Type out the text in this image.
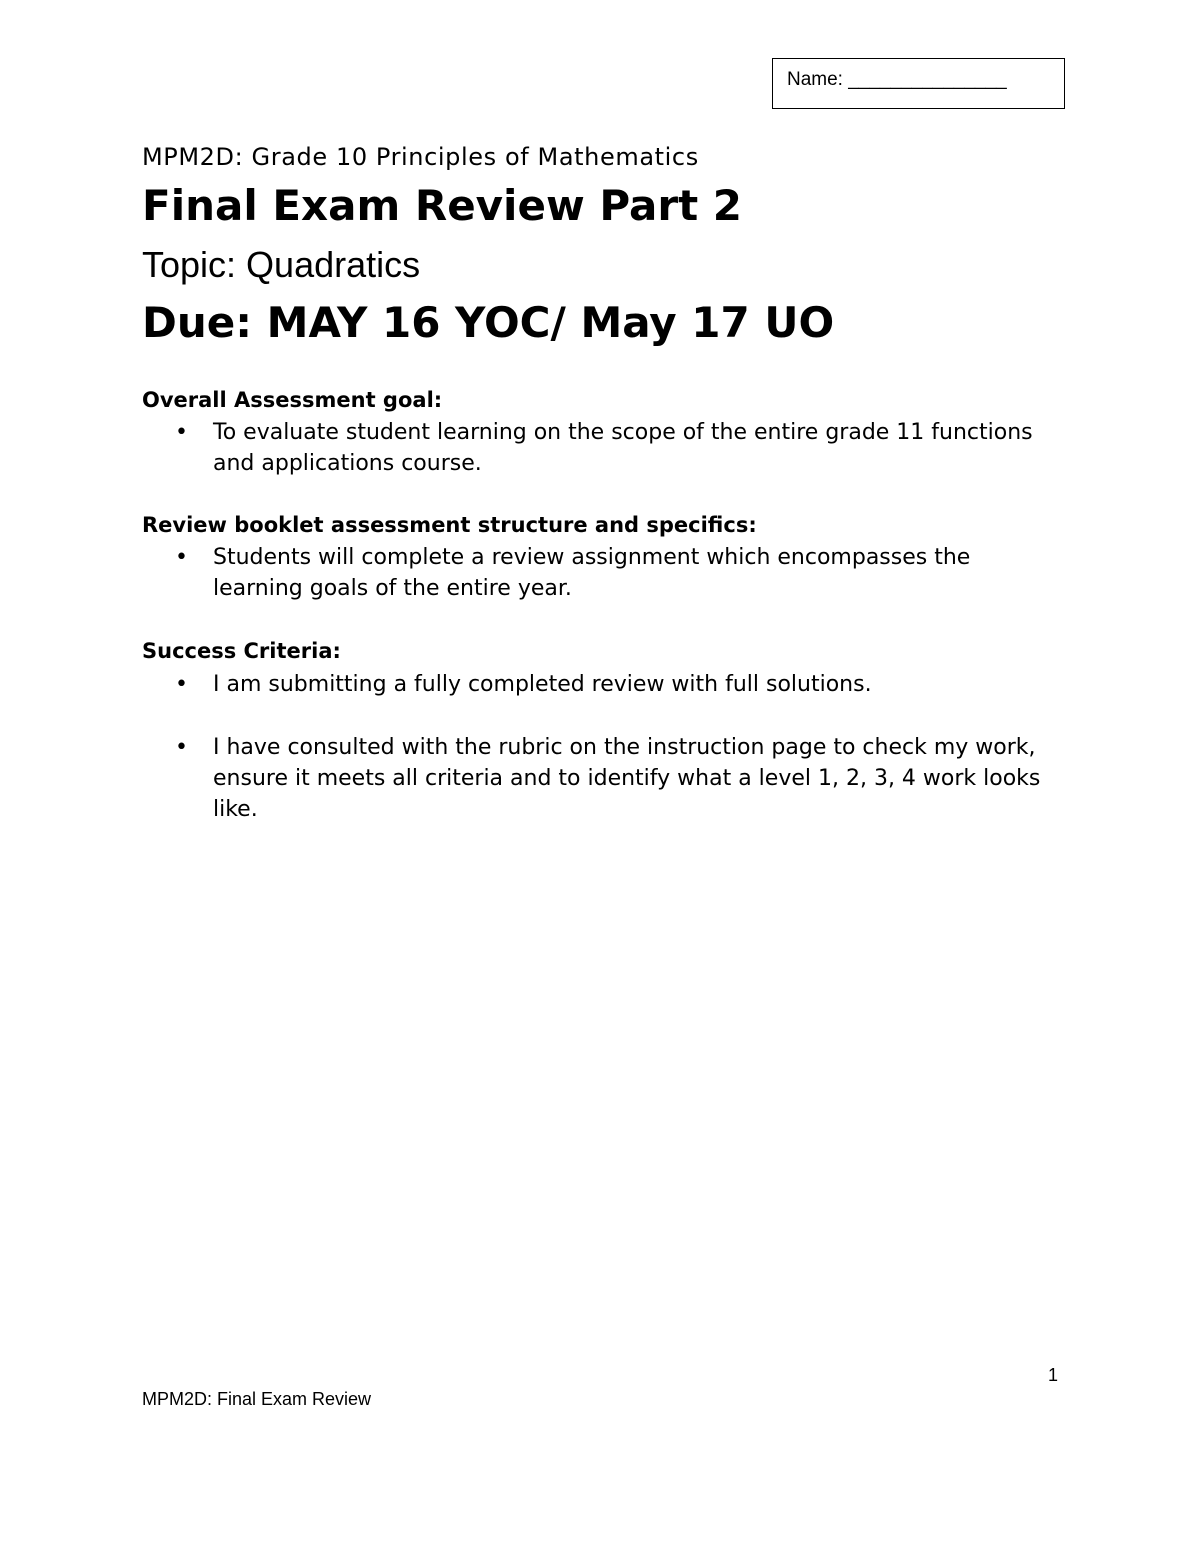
Name: _______________
MPM2D: Grade 10 Principles of Mathematics
Final Exam Review Part 2
Topic: Quadratics
Due: MAY 16 YOC/ May 17 UO
Overall Assessment goal:
• To evaluate student learning on the scope of the entire grade 11 functions and applications course.
Review booklet assessment structure and specifics:
• Students will complete a review assignment which encompasses the learning goals of the entire year.
Success Criteria:
• I am submitting a fully completed review with full solutions.
• I have consulted with the rubric on the instruction page to check my work, ensure it meets all criteria and to identify what a level 1, 2, 3, 4 work looks like.
1
MPM2D: Final Exam Review
